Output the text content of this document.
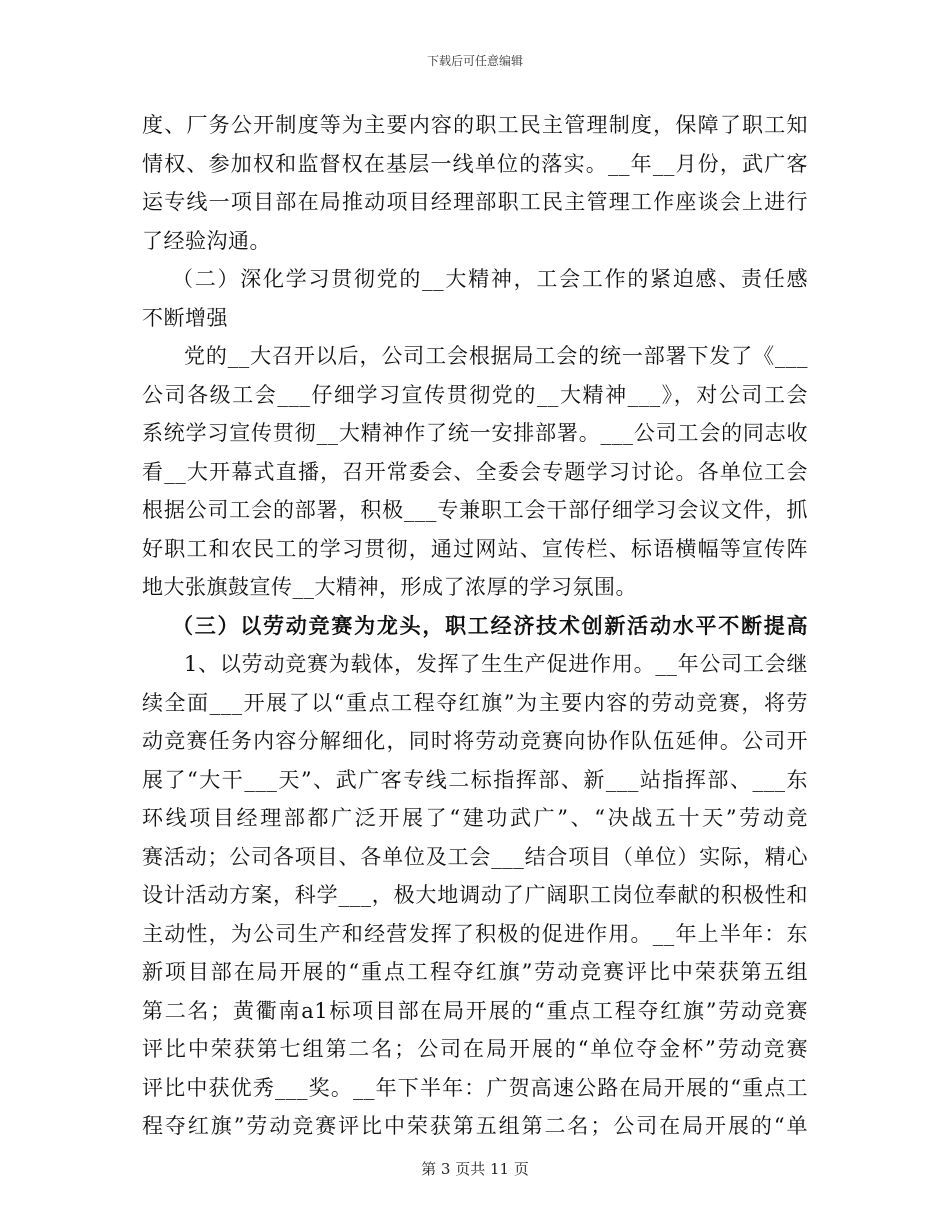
下载后可任意编辑
度、厂务公开制度等为主要内容的职工民主管理制度，保障了职工知
情权、参加权和监督权在基层一线单位的落实。__年__月份，武广客
运专线一项目部在局推动项目经理部职工民主管理工作座谈会上进行
了经验沟通。
（二）深化学习贯彻党的__大精神，工会工作的紧迫感、责任感
不断增强
党的__大召开以后，公司工会根据局工会的统一部署下发了《___
公司各级工会___仔细学习宣传贯彻党的__大精神___》，对公司工会
系统学习宣传贯彻__大精神作了统一安排部署。___公司工会的同志收
看__大开幕式直播，召开常委会、全委会专题学习讨论。各单位工会
根据公司工会的部署，积极___专兼职工会干部仔细学习会议文件，抓
好职工和农民工的学习贯彻，通过网站、宣传栏、标语横幅等宣传阵
地大张旗鼓宣传__大精神，形成了浓厚的学习氛围。
（三）以劳动竞赛为龙头，职工经济技术创新活动水平不断提高
1、以劳动竞赛为载体，发挥了生生产促进作用。__年公司工会继
续全面___开展了以“重点工程夺红旗”为主要内容的劳动竞赛，将劳
动竞赛任务内容分解细化，同时将劳动竞赛向协作队伍延伸。公司开
展了“大干___天”、武广客专线二标指挥部、新___站指挥部、___东
环线项目经理部都广泛开展了“建功武广”、“决战五十天”劳动竞
赛活动；公司各项目、各单位及工会___结合项目（单位）实际，精心
设计活动方案，科学___，极大地调动了广阔职工岗位奉献的积极性和
主动性，为公司生产和经营发挥了积极的促进作用。__年上半年：东
新项目部在局开展的“重点工程夺红旗”劳动竞赛评比中荣获第五组
第二名；黄衢南a1标项目部在局开展的“重点工程夺红旗”劳动竞赛
评比中荣获第七组第二名；公司在局开展的“单位夺金杯”劳动竞赛
评比中获优秀___奖。__年下半年：广贺高速公路在局开展的“重点工
程夺红旗”劳动竞赛评比中荣获第五组第二名；公司在局开展的“单
第 3 页共 11 页
